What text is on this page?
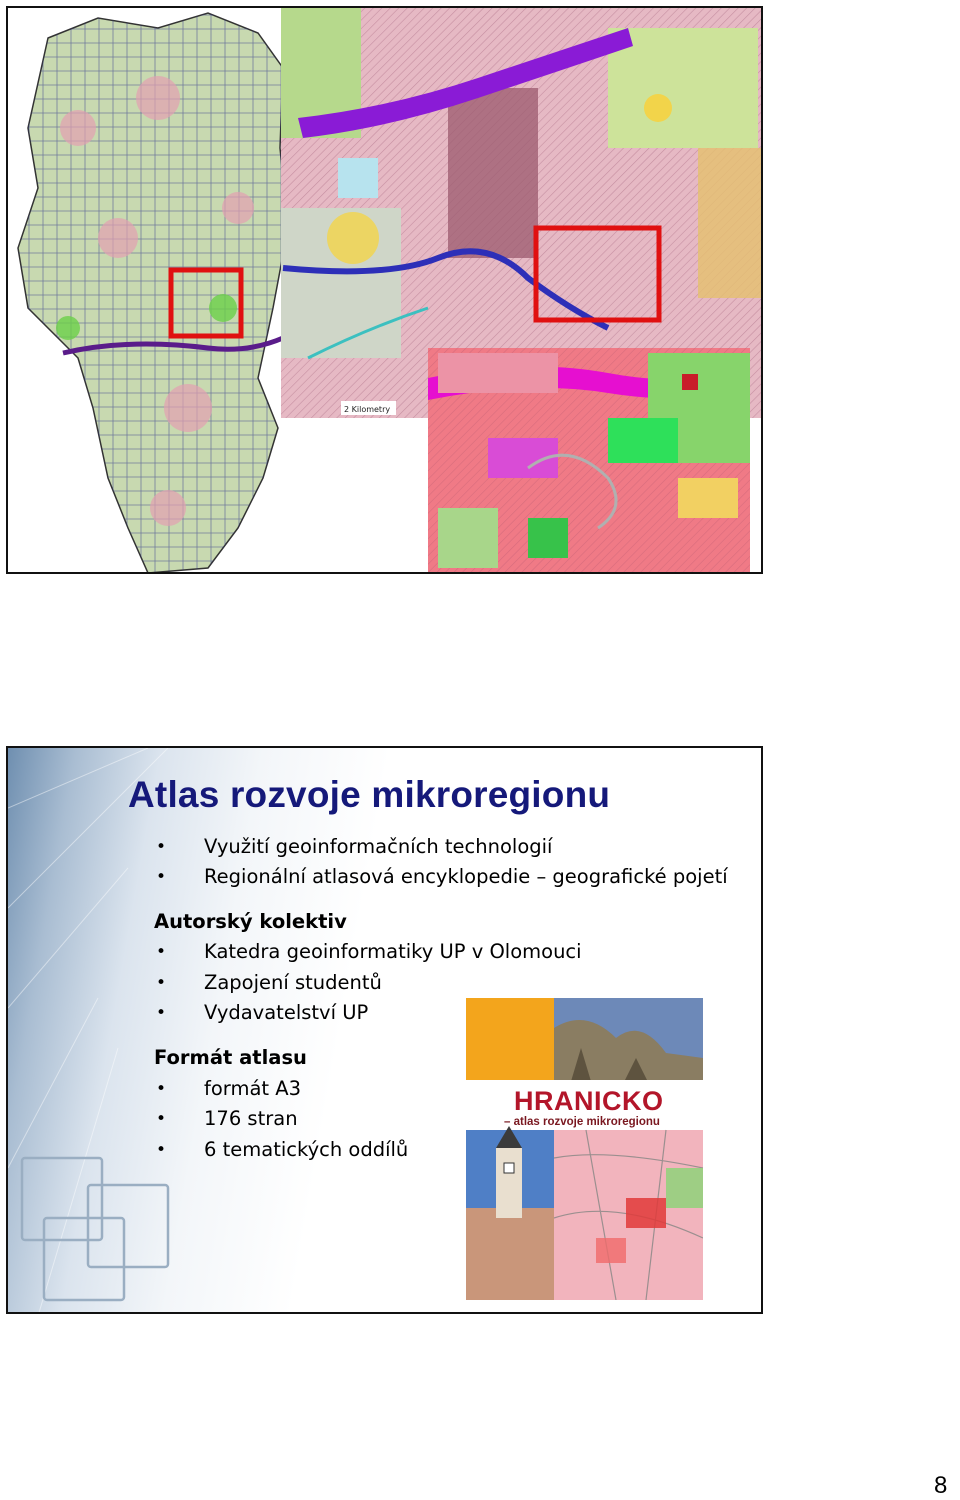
2 Kilometry
Atlas rozvoje mikroregionu
Využití geoinformačních technologií
Regionální atlasová encyklopedie – geografické pojetí
Autorský kolektiv
Katedra geoinformatiky UP v Olomouci
Zapojení studentů
Vydavatelství UP
Formát atlasu
formát A3
176 stran
6 tematických oddílů
HRANICKO
– atlas rozvoje mikroregionu
8
